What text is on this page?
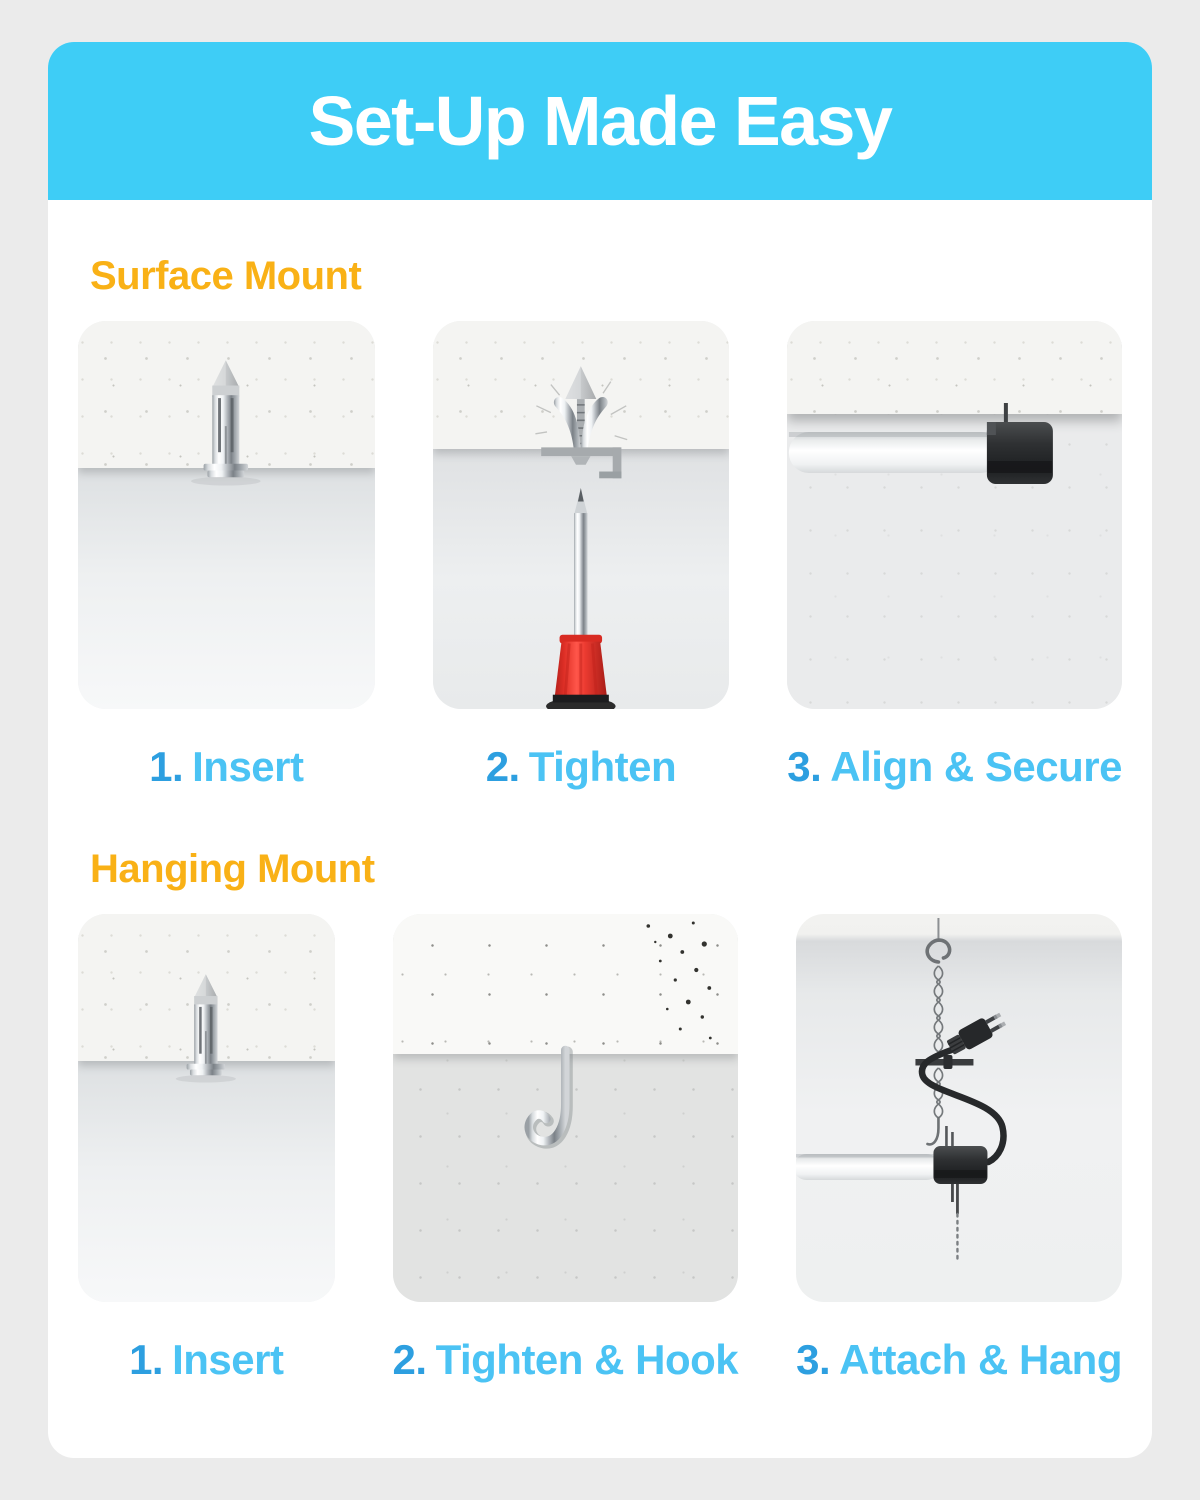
Set-Up Made Easy
Surface Mount
1. Insert	2. Tighten	3. Align & Secure
Hanging Mount
1. Insert	2. Tighten & Hook 3. Attach & Hang
